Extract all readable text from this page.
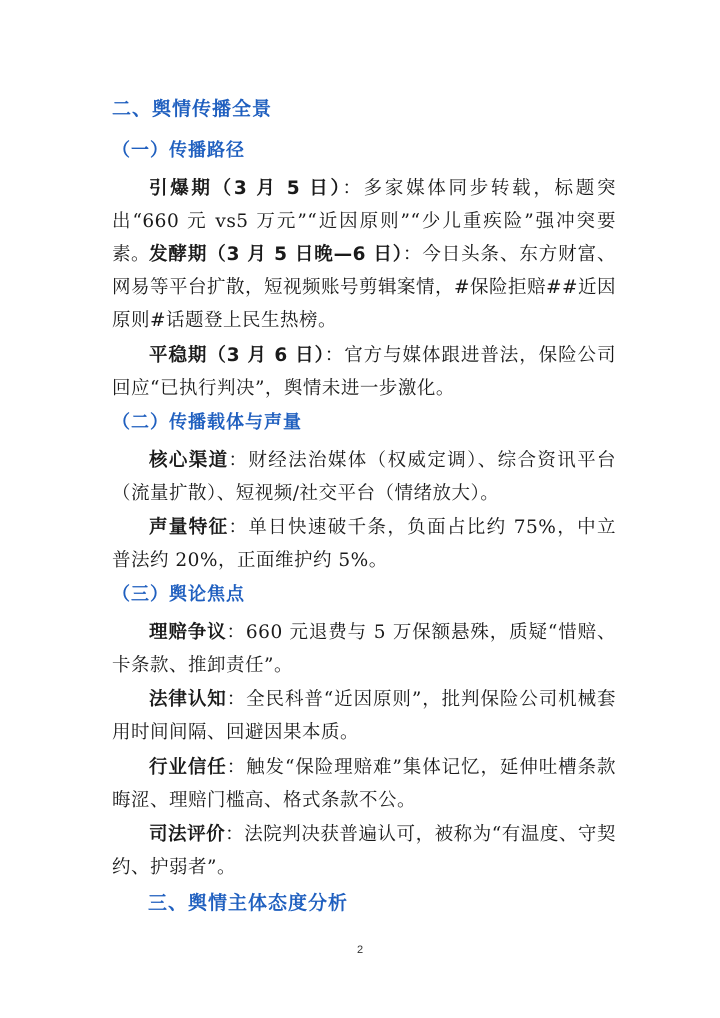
二、舆情传播全景
（一）传播路径
引爆期（3 月 5 日）：多家媒体同步转载，标题突出“660 元 vs5 万元”“近因原则”“少儿重疾险”强冲突要素。
发酵期（3 月 5 日晚—6 日）：今日头条、东方财富、网易等平台扩散，短视频账号剪辑案情，#保险拒赔##近因原则#话题登上民生热榜。
平稳期（3 月 6 日）：官方与媒体跟进普法，保险公司回应“已执行判决”，舆情未进一步激化。
（二）传播载体与声量
核心渠道：财经法治媒体（权威定调）、综合资讯平台（流量扩散）、短视频/社交平台（情绪放大）。
声量特征：单日快速破千条，负面占比约 75%，中立普法约 20%，正面维护约 5%。
（三）舆论焦点
理赔争议：660 元退费与 5 万保额悬殊，质疑“惜赔、卡条款、推卸责任”。
法律认知：全民科普“近因原则”，批判保险公司机械套用时间间隔、回避因果本质。
行业信任：触发“保险理赔难”集体记忆，延伸吐槽条款晦涩、理赔门槛高、格式条款不公。
司法评价：法院判决获普遍认可，被称为“有温度、守契约、护弱者”。
三、舆情主体态度分析
2
